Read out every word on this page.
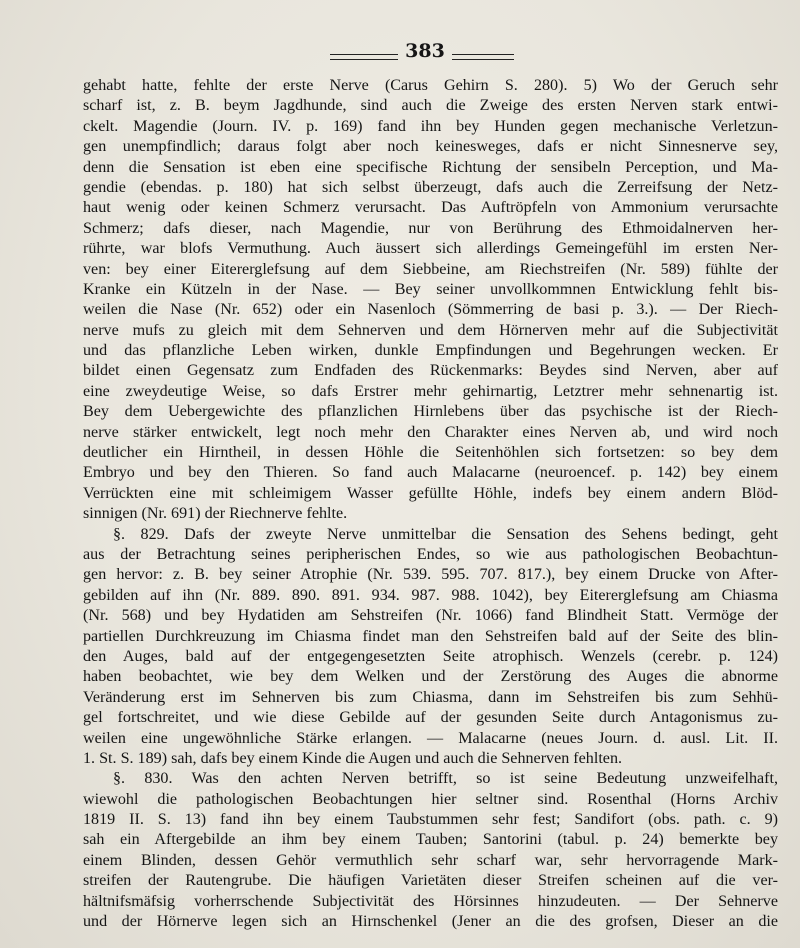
383
gehabt hatte, fehlte der erste Nerve (Carus Gehirn S. 280). 5) Wo der Geruch sehr
scharf ist, z. B. beym Jagdhunde, sind auch die Zweige des ersten Nerven stark entwi-
ckelt. Magendie (Journ. IV. p. 169) fand ihn bey Hunden gegen mechanische Verletzun-
gen unempfindlich; daraus folgt aber noch keinesweges, dafs er nicht Sinnesnerve sey,
denn die Sensation ist eben eine specifische Richtung der sensibeln Perception, und Ma-
gendie (ebendas. p. 180) hat sich selbst überzeugt, dafs auch die Zerreifsung der Netz-
haut wenig oder keinen Schmerz verursacht. Das Auftröpfeln von Ammonium verursachte
Schmerz; dafs dieser, nach Magendie, nur von Berührung des Ethmoidalnerven her-
rührte, war blofs Vermuthung. Auch äussert sich allerdings Gemeingefühl im ersten Ner-
ven: bey einer Eitererglefsung auf dem Siebbeine, am Riechstreifen (Nr. 589) fühlte der
Kranke ein Kützeln in der Nase. — Bey seiner unvollkommnen Entwicklung fehlt bis-
weilen die Nase (Nr. 652) oder ein Nasenloch (Sömmerring de basi p. 3.). — Der Riech-
nerve mufs zu gleich mit dem Sehnerven und dem Hörnerven mehr auf die Subjectivität
und das pflanzliche Leben wirken, dunkle Empfindungen und Begehrungen wecken. Er
bildet einen Gegensatz zum Endfaden des Rückenmarks: Beydes sind Nerven, aber auf
eine zweydeutige Weise, so dafs Erstrer mehr gehirnartig, Letztrer mehr sehnenartig ist.
Bey dem Uebergewichte des pflanzlichen Hirnlebens über das psychische ist der Riech-
nerve stärker entwickelt, legt noch mehr den Charakter eines Nerven ab, und wird noch
deutlicher ein Hirntheil, in dessen Höhle die Seitenhöhlen sich fortsetzen: so bey dem
Embryo und bey den Thieren. So fand auch Malacarne (neuroencef. p. 142) bey einem
Verrückten eine mit schleimigem Wasser gefüllte Höhle, indefs bey einem andern Blöd-
sinnigen (Nr. 691) der Riechnerve fehlte.
§. 829. Dafs der zweyte Nerve unmittelbar die Sensation des Sehens bedingt, geht
aus der Betrachtung seines peripherischen Endes, so wie aus pathologischen Beobachtun-
gen hervor: z. B. bey seiner Atrophie (Nr. 539. 595. 707. 817.), bey einem Drucke von After-
gebilden auf ihn (Nr. 889. 890. 891. 934. 987. 988. 1042), bey Eitererglefsung am Chiasma
(Nr. 568) und bey Hydatiden am Sehstreifen (Nr. 1066) fand Blindheit Statt. Vermöge der
partiellen Durchkreuzung im Chiasma findet man den Sehstreifen bald auf der Seite des blin-
den Auges, bald auf der entgegengesetzten Seite atrophisch. Wenzels (cerebr. p. 124)
haben beobachtet, wie bey dem Welken und der Zerstörung des Auges die abnorme
Veränderung erst im Sehnerven bis zum Chiasma, dann im Sehstreifen bis zum Sehhü-
gel fortschreitet, und wie diese Gebilde auf der gesunden Seite durch Antagonismus zu-
weilen eine ungewöhnliche Stärke erlangen. — Malacarne (neues Journ. d. ausl. Lit. II.
1. St. S. 189) sah, dafs bey einem Kinde die Augen und auch die Sehnerven fehlten.
§. 830. Was den achten Nerven betrifft, so ist seine Bedeutung unzweifelhaft,
wiewohl die pathologischen Beobachtungen hier seltner sind. Rosenthal (Horns Archiv
1819 II. S. 13) fand ihn bey einem Taubstummen sehr fest; Sandifort (obs. path. c. 9)
sah ein Aftergebilde an ihm bey einem Tauben; Santorini (tabul. p. 24) bemerkte bey
einem Blinden, dessen Gehör vermuthlich sehr scharf war, sehr hervorragende Mark-
streifen der Rautengrube. Die häufigen Varietäten dieser Streifen scheinen auf die ver-
hältnifsmäfsig vorherrschende Subjectivität des Hörsinnes hinzudeuten. — Der Sehnerve
und der Hörnerve legen sich an Hirnschenkel (Jener an die des grofsen, Dieser an die
